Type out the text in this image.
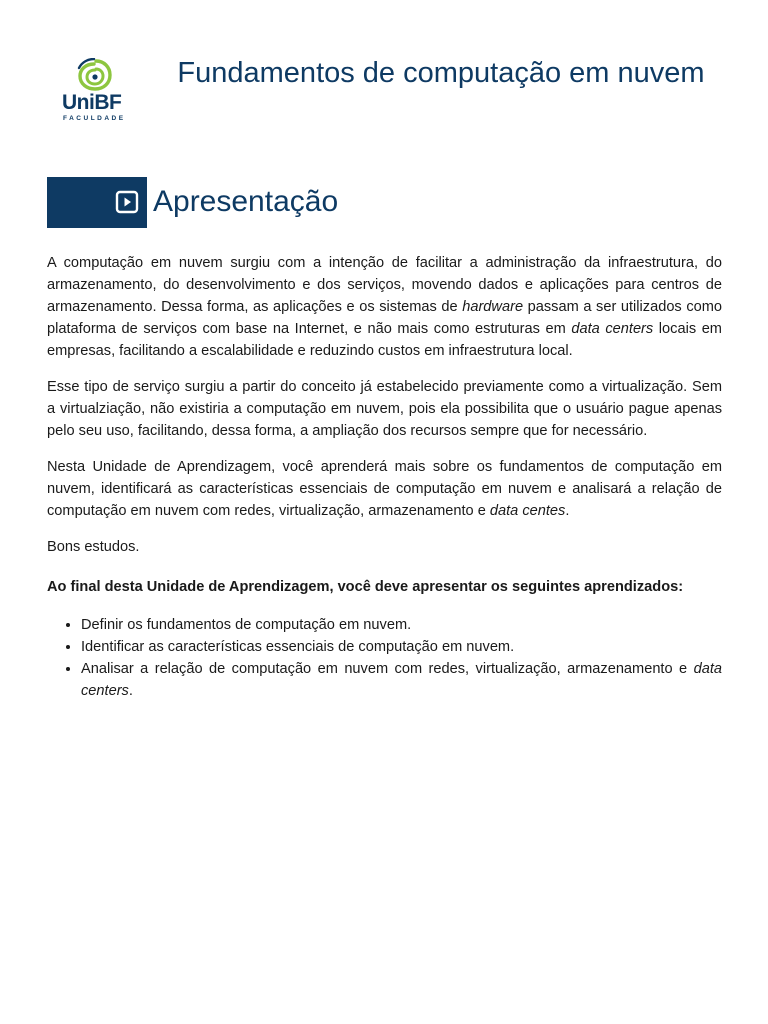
UniBF
FACULDADE
Fundamentos de computação em nuvem
Apresentação

A computação em nuvem surgiu com a intenção de facilitar a administração da infraestrutura, do armazenamento, do desenvolvimento e dos serviços, movendo dados e aplicações para centros de armazenamento. Dessa forma, as aplicações e os sistemas de hardware passam a ser utilizados como plataforma de serviços com base na Internet, e não mais como estruturas em data centers locais em empresas, facilitando a escalabilidade e reduzindo custos em infraestrutura local.

Esse tipo de serviço surgiu a partir do conceito já estabelecido previamente como a virtualização. Sem a virtualziação, não existiria a computação em nuvem, pois ela possibilita que o usuário pague apenas pelo seu uso, facilitando, dessa forma, a ampliação dos recursos sempre que for necessário.

Nesta Unidade de Aprendizagem, você aprenderá mais sobre os fundamentos de computação em nuvem, identificará as características essenciais de computação em nuvem e analisará a relação de computação em nuvem com redes, virtualização, armazenamento e data centes.

Bons estudos.

Ao final desta Unidade de Aprendizagem, você deve apresentar os seguintes aprendizados:

• Definir os fundamentos de computação em nuvem.
• Identificar as características essenciais de computação em nuvem.
• Analisar a relação de computação em nuvem com redes, virtualização, armazenamento e data centers.
